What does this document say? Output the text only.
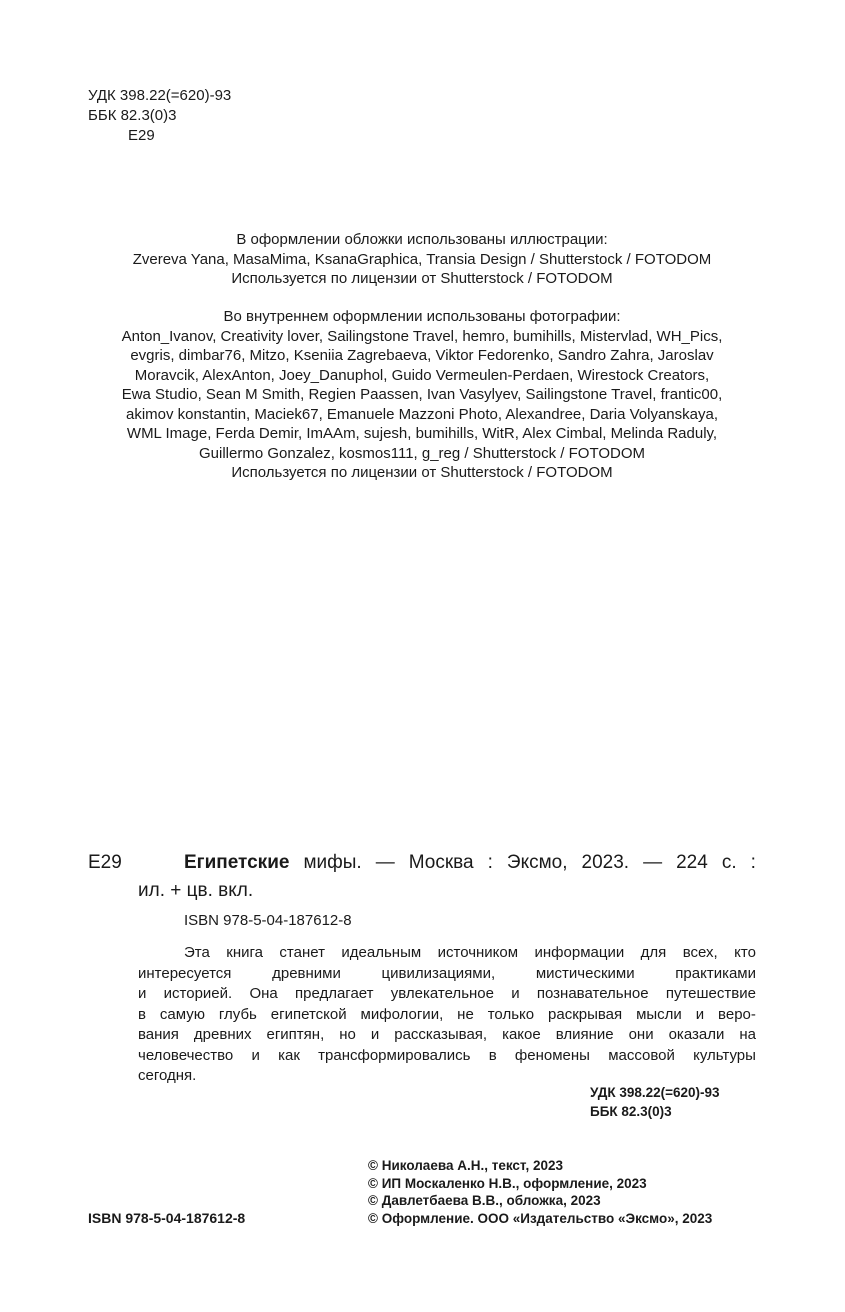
УДК 398.22(=620)-93
ББК 82.3(0)3
Е29
В оформлении обложки использованы иллюстрации:
Zvereva Yana, MasaMima, KsanaGraphica, Transia Design / Shutterstock / FOTODOM
Используется по лицензии от Shutterstock / FOTODOM
Во внутреннем оформлении использованы фотографии:
Anton_Ivanov, Creativity lover, Sailingstone Travel, hemro, bumihills, Mistervlad, WH_Pics,
evgris, dimbar76, Mitzo, Kseniia Zagrebaeva, Viktor Fedorenko, Sandro Zahra, Jaroslav
Moravcik, AlexAnton, Joey_Danuphol, Guido Vermeulen-Perdaen, Wirestock Creators,
Ewa Studio, Sean M Smith, Regien Paassen, Ivan Vasylyev, Sailingstone Travel, frantic00,
akimov konstantin, Maciek67, Emanuele Mazzoni Photo, Alexandree, Daria Volyanskaya,
WML Image, Ferda Demir, ImAAm, sujesh, bumihills, WitR, Alex Cimbal, Melinda Raduly,
Guillermo Gonzalez, kosmos111, g_reg / Shutterstock / FOTODOM
Используется по лицензии от Shutterstock / FOTODOM
Е29	Египетские мифы. — Москва : Эксмо, 2023. — 224 с. :
ил. + цв. вкл.
ISBN 978-5-04-187612-8
Эта книга станет идеальным источником информации для всех, кто
интересуется	древними	цивилизациями,	мистическими	практиками
и историей. Она предлагает увлекательное и познавательное путешествие
в самую глубь египетской мифологии, не только раскрывая мысли и веро-
вания древних египтян, но и рассказывая, какое влияние они оказали на
человечество и как трансформировались в феномены массовой культуры
сегодня.
УДК 398.22(=620)-93
ББК 82.3(0)3
© Николаева А.Н., текст, 2023
© ИП Москаленко Н.В., оформление, 2023
© Давлетбаева В.В., обложка, 2023
© Оформление. ООО «Издательство «Эксмо», 2023
ISBN 978-5-04-187612-8
